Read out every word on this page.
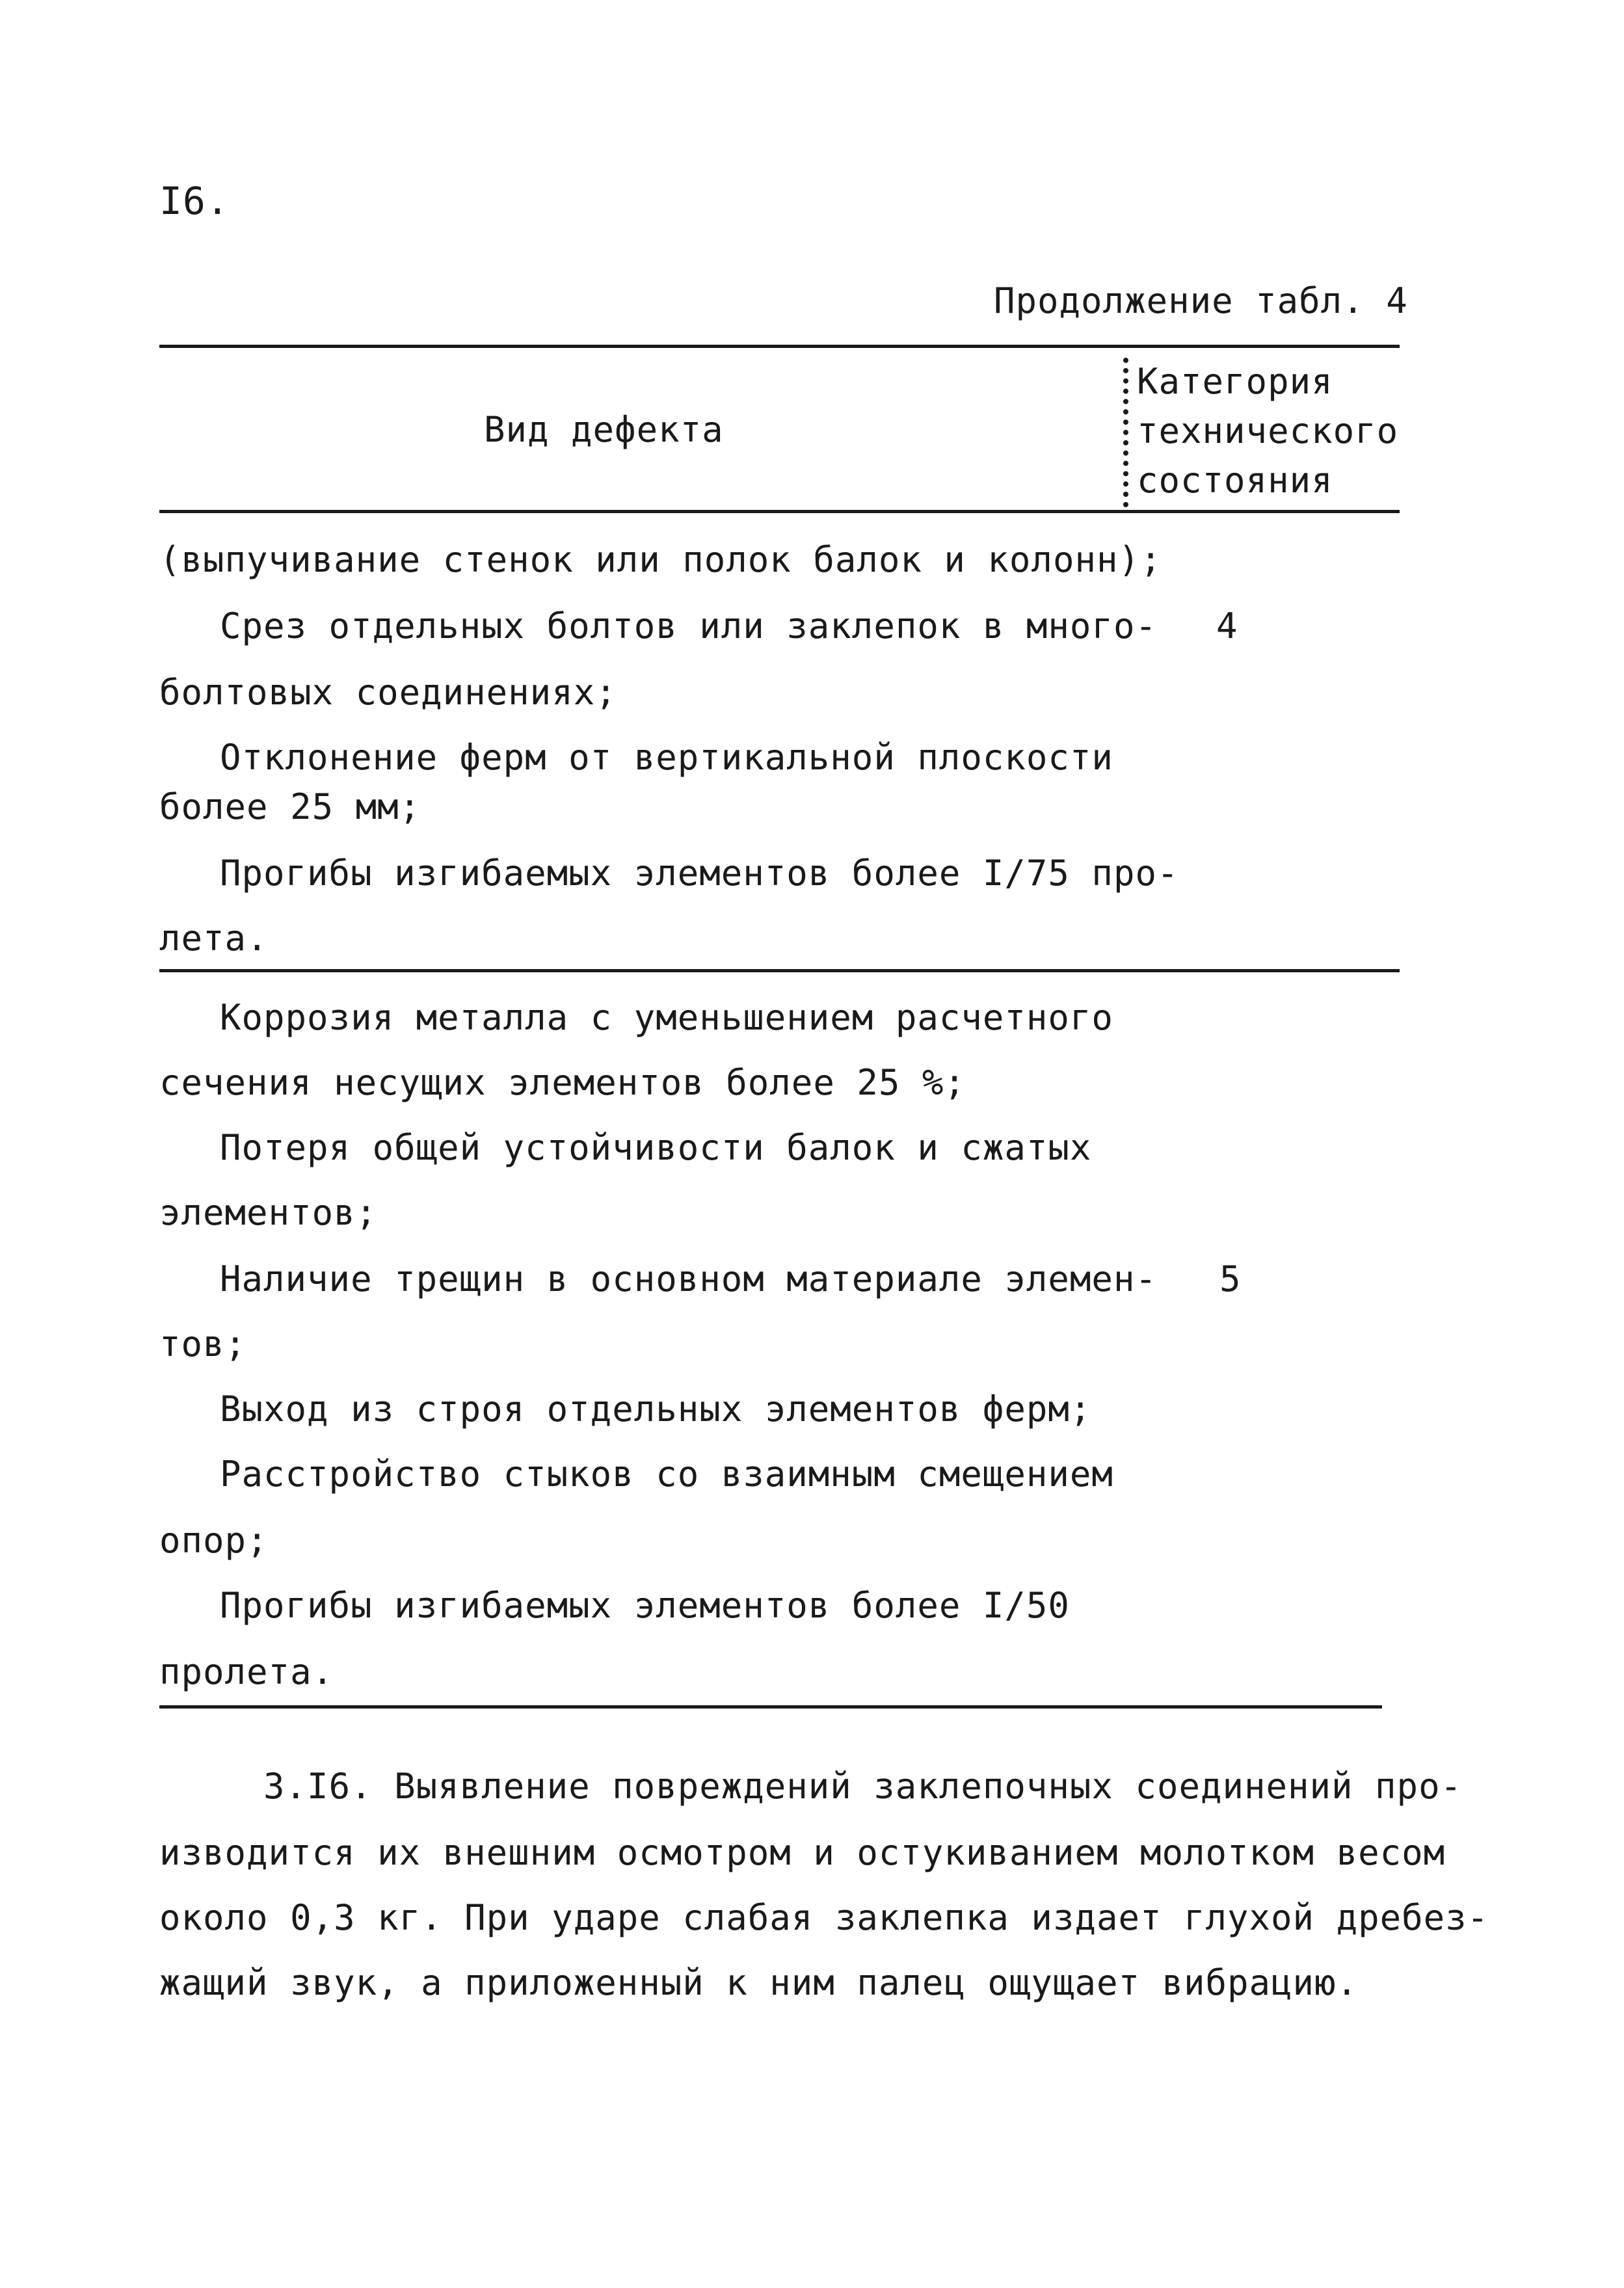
I6.
Продолжение табл. 4
Вид дефекта
Категория
технического
состояния
(выпучивание стенок или полок балок и колонн);
Срез отдельных болтов или заклепок в много- 4
болтовых соединениях;
Отклонение ферм от вертикальной плоскости
более 25 мм;
Прогибы изгибаемых элементов более I/75 про-
лета.
Коррозия металла с уменьшением расчетного
сечения несущих элементов более 25 %;
Потеря общей устойчивости балок и сжатых
элементов;
Наличие трещин в основном материале элемен- 5
тов;
Выход из строя отдельных элементов ферм;
Расстройство стыков со взаимным смещением
опор;
Прогибы изгибаемых элементов более I/50
пролета.
3.I6. Выявление повреждений заклепочных соединений про-
изводится их внешним осмотром и остукиванием молотком весом
около 0,3 кг. При ударе слабая заклепка издает глухой дребез-
жащий звук, а приложенный к ним палец ощущает вибрацию.
